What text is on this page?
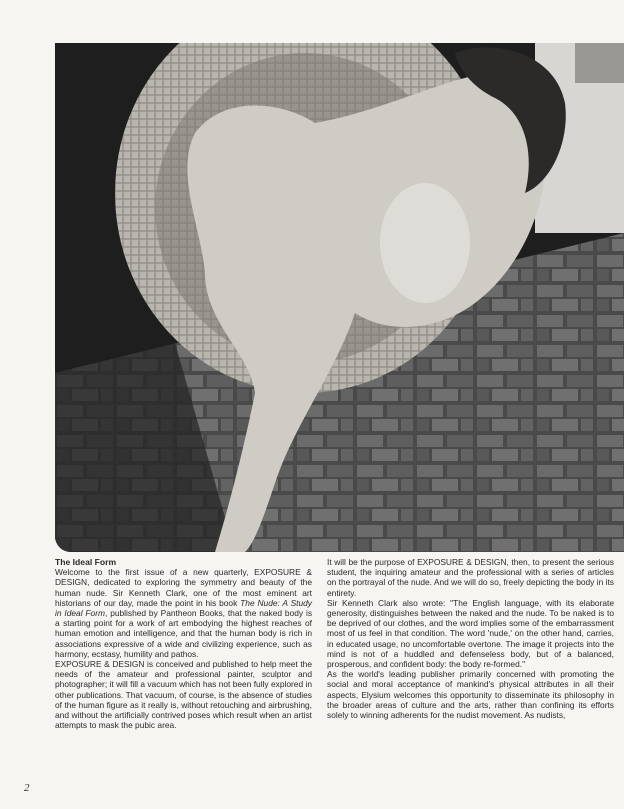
The Ideal Form

Welcome to the first issue of a new quarterly, EXPOSURE & DESIGN, dedicated to exploring the symmetry and beauty of the human nude. Sir Kenneth Clark, one of the most eminent art historians of our day, made the point in his book The Nude: A Study in Ideal Form, published by Pantheon Books, that the naked body is a starting point for a work of art embodying the highest reaches of human emotion and intelligence, and that the human body is rich in associations expressive of a wide and civilizing experience, such as harmony, ecstasy, humility and pathos.

EXPOSURE & DESIGN is conceived and published to help meet the needs of the amateur and professional painter, sculptor and photographer; it will fill a vacuum which has not been fully explored in other publications. That vacuum, of course, is the absence of studies of the human figure as it really is, without retouching and airbrushing, and without the artificially contrived poses which result when an artist attempts to mask the pubic area.

It will be the purpose of EXPOSURE & DESIGN, then, to present the serious student, the inquiring amateur and the professional with a series of articles on the portrayal of the nude. And we will do so, freely depicting the body in its entirety.

Sir Kenneth Clark also wrote: "The English language, with its elaborate generosity, distinguishes between the naked and the nude. To be naked is to be deprived of our clothes, and the word implies some of the embarrassment most of us feel in that condition. The word 'nude,' on the other hand, carries, in educated usage, no uncomfortable overtone. The image it projects into the mind is not of a huddled and defenseless body, but of a balanced, prosperous, and confident body: the body re-formed."

As the world's leading publisher primarily concerned with promoting the social and moral acceptance of mankind's physical attributes in all their aspects, Elysium welcomes this opportunity to disseminate its philosophy in the broader areas of culture and the arts, rather than confining its efforts solely to winning adherents for the nudist movement. As nudists,

2
